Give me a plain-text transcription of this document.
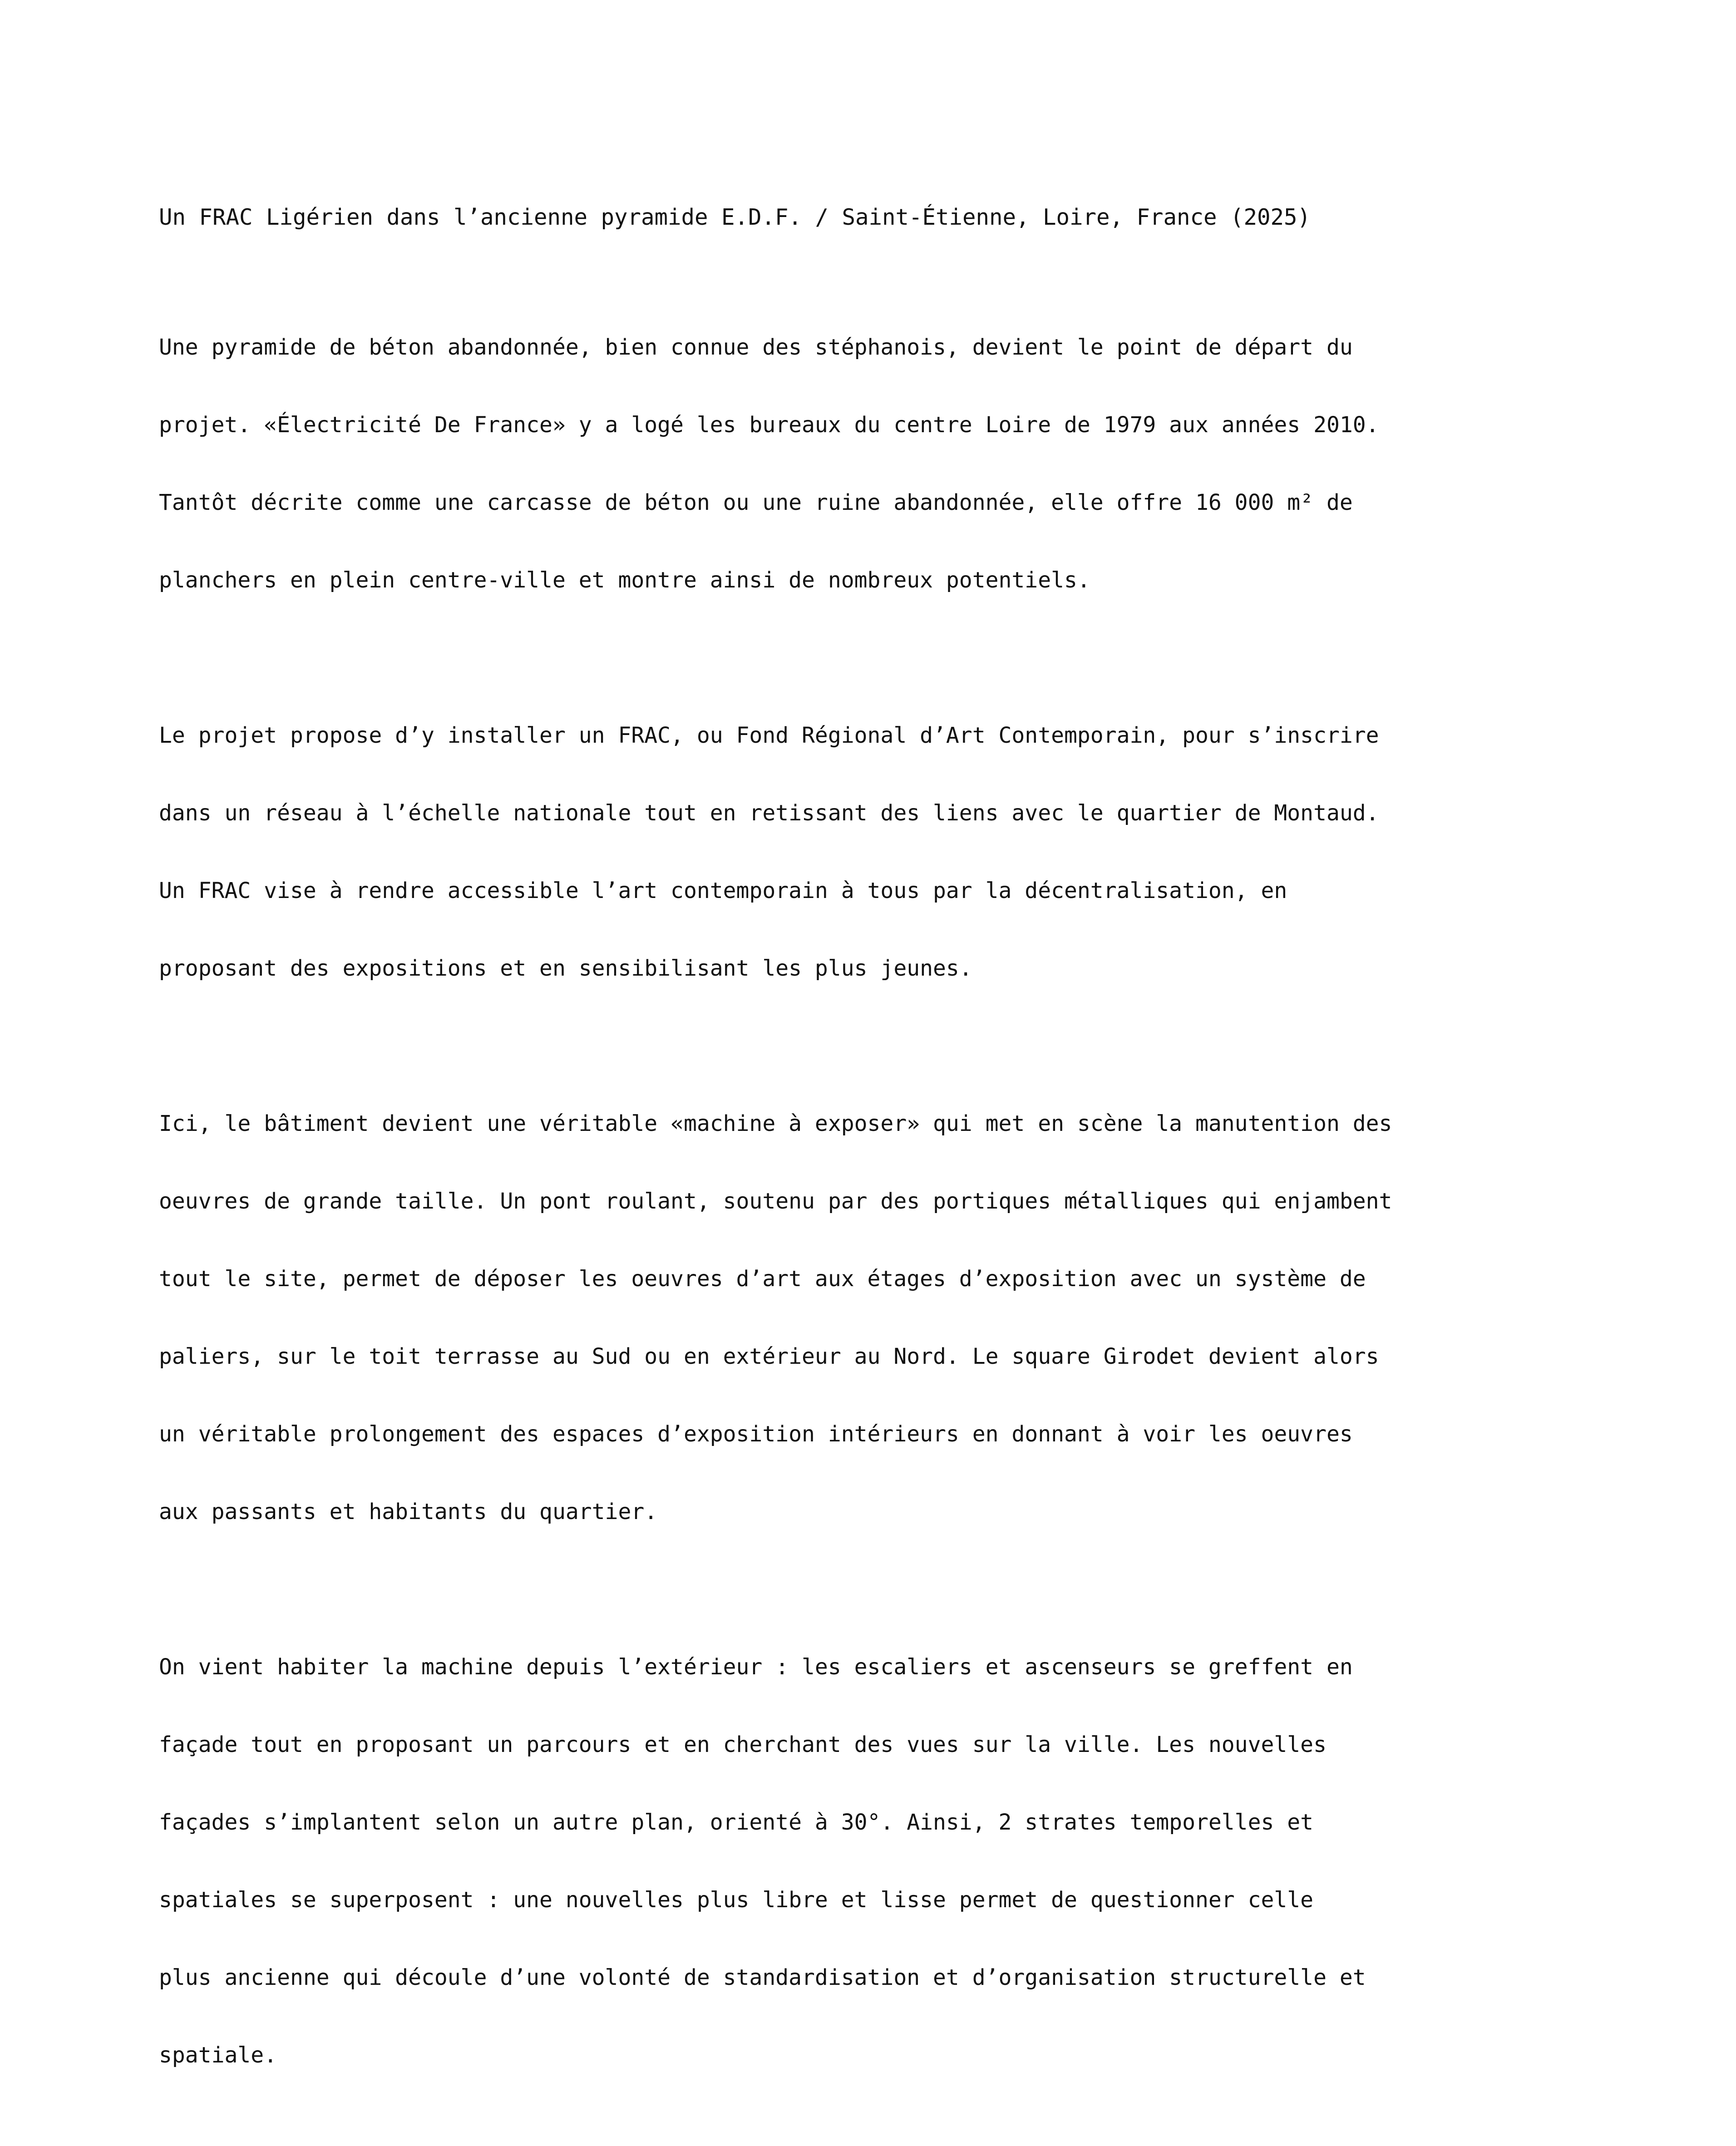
Un FRAC Ligérien dans l’ancienne pyramide E.D.F. / Saint-Étienne, Loire, France (2025)

Une pyramide de béton abandonnée, bien connue des stéphanois, devient le point de départ du

projet. «Électricité De France» y a logé les bureaux du centre Loire de 1979 aux années 2010.

Tantôt décrite comme une carcasse de béton ou une ruine abandonnée, elle offre 16 000 m² de

planchers en plein centre-ville et montre ainsi de nombreux potentiels.

Le projet propose d’y installer un FRAC, ou Fond Régional d’Art Contemporain, pour s’inscrire

dans un réseau à l’échelle nationale tout en retissant des liens avec le quartier de Montaud.

Un FRAC vise à rendre accessible l’art contemporain à tous par la décentralisation, en

proposant des expositions et en sensibilisant les plus jeunes.

Ici, le bâtiment devient une véritable «machine à exposer» qui met en scène la manutention des

oeuvres de grande taille. Un pont roulant, soutenu par des portiques métalliques qui enjambent

tout le site, permet de déposer les oeuvres d’art aux étages d’exposition avec un système de

paliers, sur le toit terrasse au Sud ou en extérieur au Nord. Le square Girodet devient alors

un véritable prolongement des espaces d’exposition intérieurs en donnant à voir les oeuvres

aux passants et habitants du quartier.

On vient habiter la machine depuis l’extérieur : les escaliers et ascenseurs se greffent en

façade tout en proposant un parcours et en cherchant des vues sur la ville. Les nouvelles

façades s’implantent selon un autre plan, orienté à 30°. Ainsi, 2 strates temporelles et

spatiales se superposent : une nouvelles plus libre et lisse permet de questionner celle

plus ancienne qui découle d’une volonté de standardisation et d’organisation structurelle et

spatiale.
